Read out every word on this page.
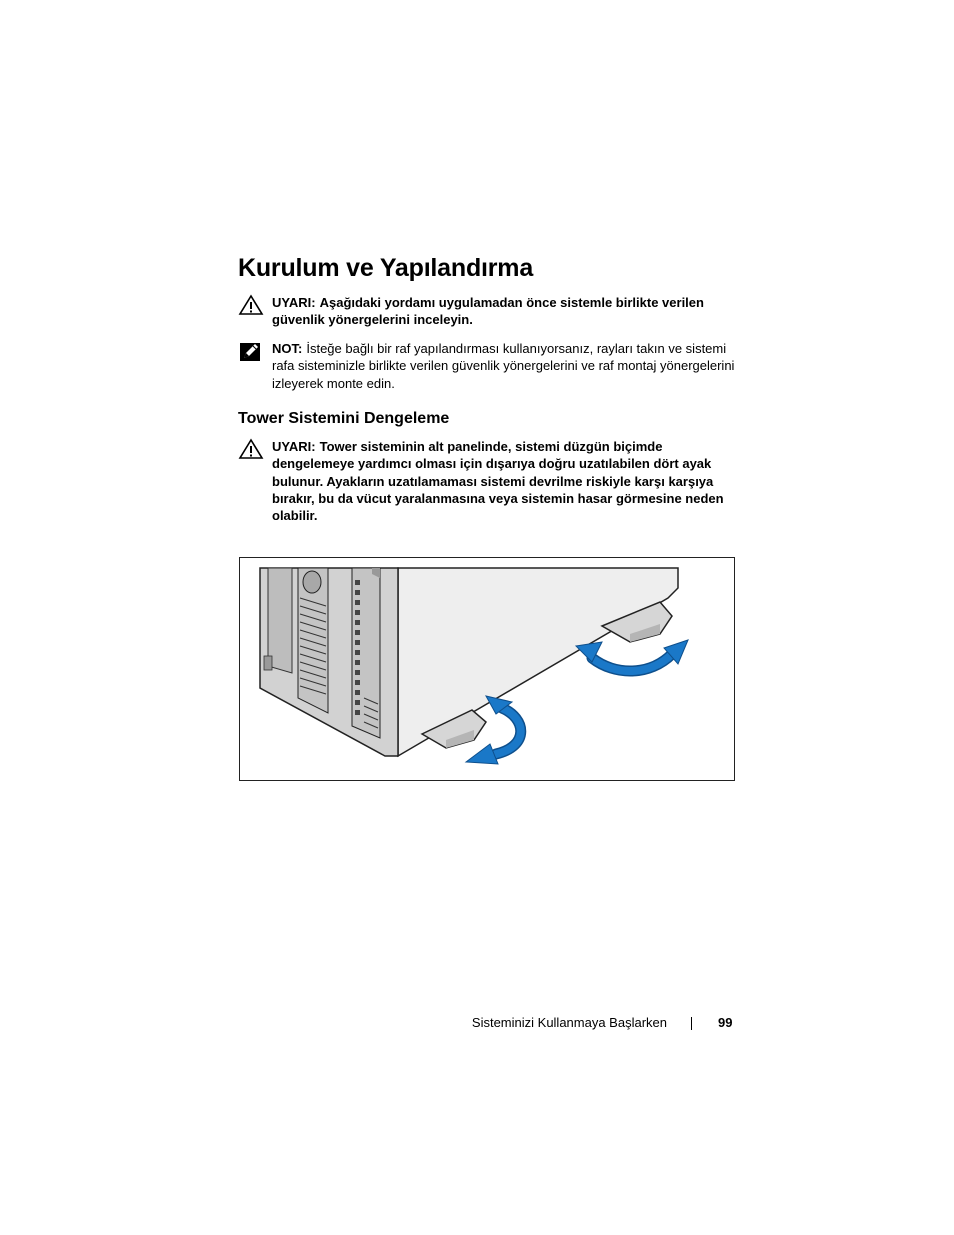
Kurulum ve Yapılandırma
UYARI: Aşağıdaki yordamı uygulamadan önce sistemle birlikte verilen güvenlik yönergelerini inceleyin.
NOT: İsteğe bağlı bir raf yapılandırması kullanıyorsanız, rayları takın ve sistemi rafa sisteminizle birlikte verilen güvenlik yönergelerini ve raf montaj yönergelerini izleyerek monte edin.
Tower Sistemini Dengeleme
UYARI: Tower sisteminin alt panelinde, sistemi düzgün biçimde dengelemeye yardımcı olması için dışarıya doğru uzatılabilen dört ayak bulunur. Ayakların uzatılamaması sistemi devrilme riskiyle karşı karşıya bırakır, bu da vücut yaralanmasına veya sistemin hasar görmesine neden olabilir.
Sisteminizi Kullanmaya Başlarken	99
